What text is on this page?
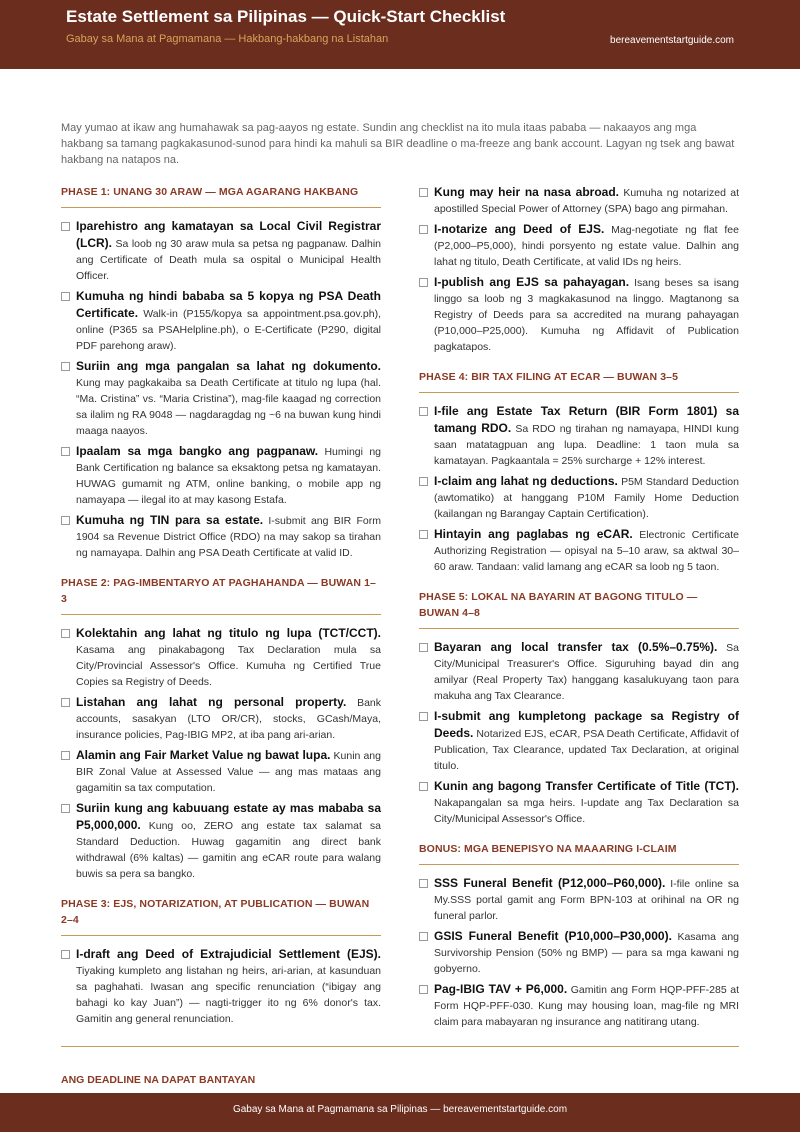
Estate Settlement sa Pilipinas — Quick-Start Checklist
Gabay sa Mana at Pagmamana — Hakbang-hakbang na Listahan	bereavementstartguide.com

May yumao at ikaw ang humahawak sa pag-aayos ng estate. Sundin ang checklist na ito mula itaas pababa — nakaayos ang mga hakbang sa tamang pagkakasunod-sunod para hindi ka mahuli sa BIR deadline o ma-freeze ang bank account. Lagyan ng tsek ang bawat hakbang na natapos na.

PHASE 1: UNANG 30 ARAW — MGA AGARANG HAKBANG
Iparehistro ang kamatayan sa Local Civil Registrar (LCR). Sa loob ng 30 araw mula sa petsa ng pagpanaw. Dalhin ang Certificate of Death mula sa ospital o Municipal Health Officer.
Kumuha ng hindi bababa sa 5 kopya ng PSA Death Certificate. Walk-in (P155/kopya sa appointment.psa.gov.ph), online (P365 sa PSAHelpline.ph), o E-Certificate (P290, digital PDF parehong araw).
Suriin ang mga pangalan sa lahat ng dokumento. Kung may pagkakaiba sa Death Certificate at titulo ng lupa (hal. “Ma. Cristina” vs. “Maria Cristina”), mag-file kaagad ng correction sa ilalim ng RA 9048 — nagdaragdag ng ~6 na buwan kung hindi maaga naayos.
Ipaalam sa mga bangko ang pagpanaw. Humingi ng Bank Certification ng balance sa eksaktong petsa ng kamatayan. HUWAG gumamit ng ATM, online banking, o mobile app ng namayapa — ilegal ito at may kasong Estafa.
Kumuha ng TIN para sa estate. I-submit ang BIR Form 1904 sa Revenue District Office (RDO) na may sakop sa tirahan ng namayapa. Dalhin ang PSA Death Certificate at valid ID.
PHASE 2: PAG-IMBENTARYO AT PAGHAHANDA — BUWAN 1–3
Kolektahin ang lahat ng titulo ng lupa (TCT/CCT). Kasama ang pinakabagong Tax Declaration mula sa City/Provincial Assessor's Office. Kumuha ng Certified True Copies sa Registry of Deeds.
Listahan ang lahat ng personal property. Bank accounts, sasakyan (LTO OR/CR), stocks, GCash/Maya, insurance policies, Pag-IBIG MP2, at iba pang ari-arian.
Alamin ang Fair Market Value ng bawat lupa. Kunin ang BIR Zonal Value at Assessed Value — ang mas mataas ang gagamitin sa tax computation.
Suriin kung ang kabuuang estate ay mas mababa sa P5,000,000. Kung oo, ZERO ang estate tax salamat sa Standard Deduction. Huwag gagamitin ang direct bank withdrawal (6% kaltas) — gamitin ang eCAR route para walang buwis sa pera sa bangko.
PHASE 3: EJS, NOTARIZATION, AT PUBLICATION — BUWAN 2–4
I-draft ang Deed of Extrajudicial Settlement (EJS). Tiyaking kumpleto ang listahan ng heirs, ari-arian, at kasunduan sa paghahati. Iwasan ang specific renunciation (“ibigay ang bahagi ko kay Juan”) — nagti-trigger ito ng 6% donor's tax. Gamitin ang general renunciation.
Kung may heir na nasa abroad. Kumuha ng notarized at apostilled Special Power of Attorney (SPA) bago ang pirmahan.
I-notarize ang Deed of EJS. Mag-negotiate ng flat fee (P2,000–P5,000), hindi porsyento ng estate value. Dalhin ang lahat ng titulo, Death Certificate, at valid IDs ng heirs.
I-publish ang EJS sa pahayagan. Isang beses sa isang linggo sa loob ng 3 magkakasunod na linggo. Magtanong sa Registry of Deeds para sa accredited na murang pahayagan (P10,000–P25,000). Kumuha ng Affidavit of Publication pagkatapos.
PHASE 4: BIR TAX FILING AT ECAR — BUWAN 3–5
I-file ang Estate Tax Return (BIR Form 1801) sa tamang RDO. Sa RDO ng tirahan ng namayapa, HINDI kung saan matatagpuan ang lupa. Deadline: 1 taon mula sa kamatayan. Pagkaantala = 25% surcharge + 12% interest.
I-claim ang lahat ng deductions. P5M Standard Deduction (awtomatiko) at hanggang P10M Family Home Deduction (kailangan ng Barangay Captain Certification).
Hintayin ang paglabas ng eCAR. Electronic Certificate Authorizing Registration — opisyal na 5–10 araw, sa aktwal 30–60 araw. Tandaan: valid lamang ang eCAR sa loob ng 5 taon.
PHASE 5: LOKAL NA BAYARIN AT BAGONG TITULO — BUWAN 4–8
Bayaran ang local transfer tax (0.5%–0.75%). Sa City/Municipal Treasurer's Office. Siguruhing bayad din ang amilyar (Real Property Tax) hanggang kasalukuyang taon para makuha ang Tax Clearance.
I-submit ang kumpletong package sa Registry of Deeds. Notarized EJS, eCAR, PSA Death Certificate, Affidavit of Publication, Tax Clearance, updated Tax Declaration, at original titulo.
Kunin ang bagong Transfer Certificate of Title (TCT). Nakapangalan sa mga heirs. I-update ang Tax Declaration sa City/Municipal Assessor's Office.
BONUS: MGA BENEPISYO NA MAAARING I-CLAIM
SSS Funeral Benefit (P12,000–P60,000). I-file online sa My.SSS portal gamit ang Form BPN-103 at orihinal na OR ng funeral parlor.
GSIS Funeral Benefit (P10,000–P30,000). Kasama ang Survivorship Pension (50% ng BMP) — para sa mga kawani ng gobyerno.
Pag-IBIG TAV + P6,000. Gamitin ang Form HQP-PFF-285 at Form HQP-PFF-030. Kung may housing loan, mag-file ng MRI claim para mabayaran ng insurance ang natitirang utang.
ANG DEADLINE NA DAPAT BANTAYAN
Gabay sa Mana at Pagmamana sa Pilipinas — bereavementstartguide.com
